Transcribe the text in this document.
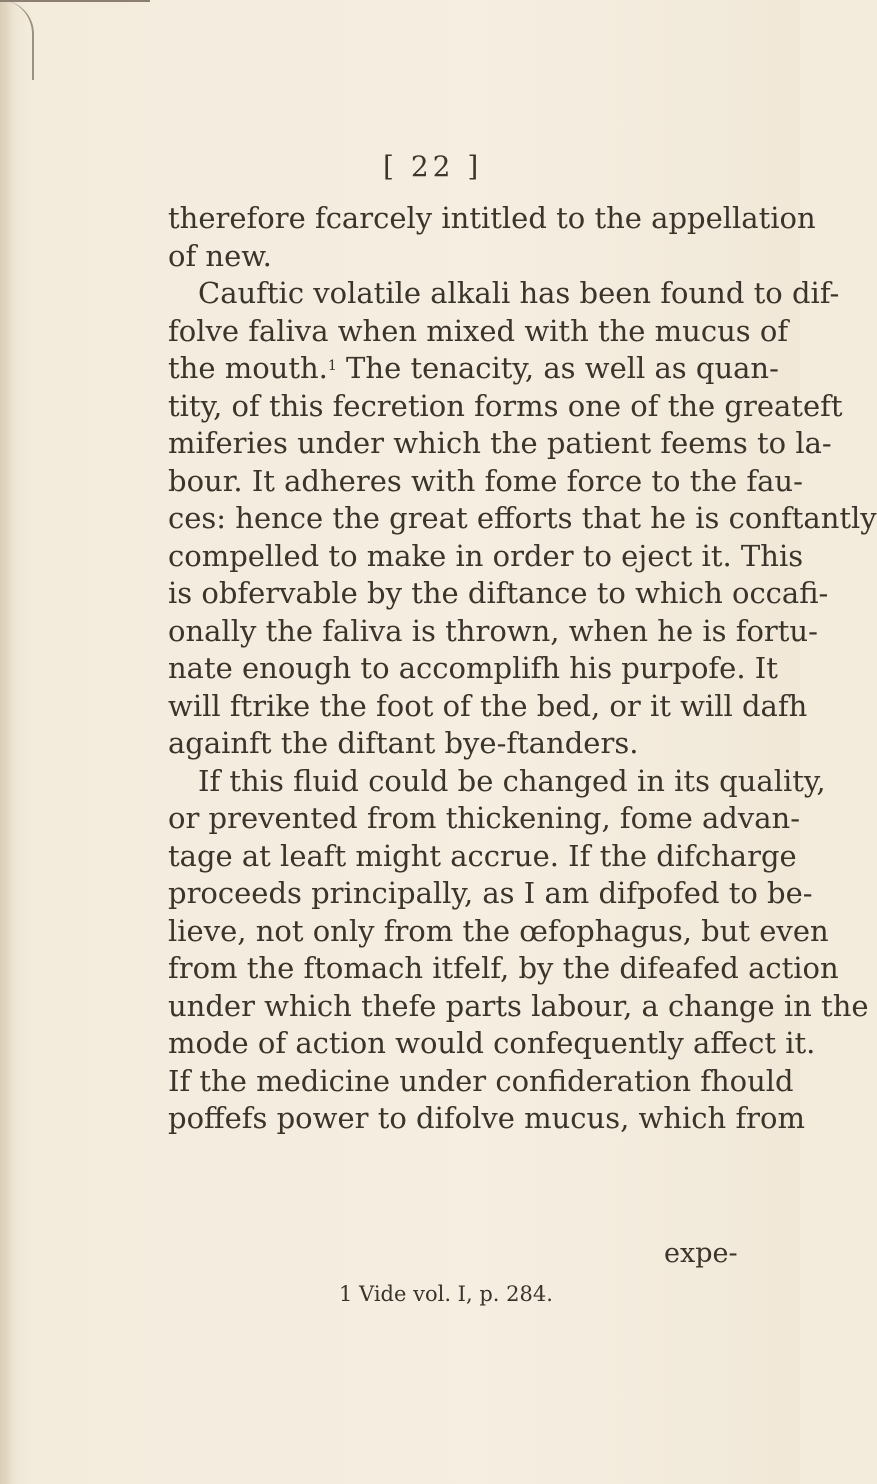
[ 22 ]
therefore fcarcely intitled to the appellation
of new.
Cauftic volatile alkali has been found to dif-
folve faliva when mixed with the mucus of
the mouth.$^1$ The tenacity, as well as quan-
tity, of this fecretion forms one of the greateft
miferies under which the patient feems to la-
bour. It adheres with fome force to the fau-
ces: hence the great efforts that he is conftantly
compelled to make in order to eject it. This
is obfervable by the diftance to which occafi-
onally the faliva is thrown, when he is fortu-
nate enough to accomplifh his purpofe. It
will ftrike the foot of the bed, or it will dafh
againft the diftant bye-ftanders.
If this fluid could be changed in its quality,
or prevented from thickening, fome advan-
tage at leaft might accrue. If the difcharge
proceeds principally, as I am difpofed to be-
lieve, not only from the œfophagus, but even
from the ftomach itfelf, by the difeafed action
under which thefe parts labour, a change in the
mode of action would confequently affect it.
If the medicine under confideration fhould
poffefs power to difolve mucus, which from
expe-
1 Vide vol. I, p. 284.
